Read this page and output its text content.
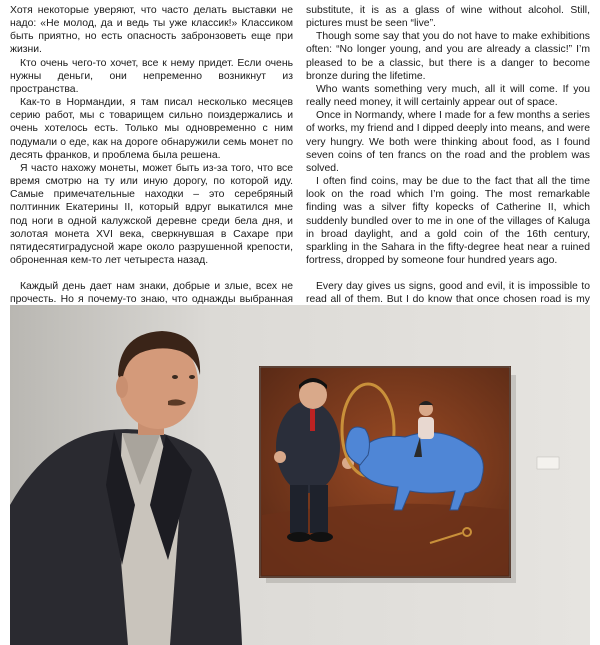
Хотя некоторые уверяют, что часто делать выставки не надо: «Не молод, да и ведь ты уже классик!» Классиком быть приятно, но есть опасность забронзоветь еще при жизни.

Кто очень чего-то хочет, все к нему придет. Если очень нужны деньги, они непременно возникнут из пространства.

Как-то в Нормандии, я там писал несколько месяцев серию работ, мы с товарищем сильно поиздержались и очень хотелось есть. Только мы одновременно с ним подумали о еде, как на дороге обнаружили семь монет по десять франков, и проблема была решена.

Я часто нахожу монеты, может быть из-за того, что все время смотрю на ту или иную дорогу, по которой иду. Самые примечательные находки – это серебряный полтинник Екатерины II, который вдруг выкатился мне под ноги в одной калужской деревне среди бела дня, и золотая монета XVI века, сверкнувшая в Сахаре при пятидесятиградусной жаре около разрушенной крепости, оброненная кем-то лет четыреста назад.

Каждый день дает нам знаки, добрые и злые, всех не прочесть. Но я почему-то знаю, что однажды выбранная

substitute, it is as a glass of wine without alcohol. Still, pictures must be seen “live”.

Though some say that you do not have to make exhibitions often: “No longer young, and you are already a classic!” I’m pleased to be a classic, but there is a danger to become bronze during the lifetime.

Who wants something very much, all it will come. If you really need money, it will certainly appear out of space.

Once in Normandy, where I made for a few months a series of works, my friend and I dipped deeply into means, and were very hungry. We both were thinking about food, as I found seven coins of ten francs on the road and the problem was solved.

I often find coins, may be due to the fact that all the time look on the road which I’m going. The most remarkable finding was a silver fifty kopecks of Catherine II, which suddenly bundled over to me in one of the villages of Kaluga in broad daylight, and a gold coin of the 16th century, sparkling in the Sahara in the fifty-degree heat near a ruined fortress, dropped by someone four hundred years ago.

Every day gives us signs, good and evil, it is impossible to read all of them. But I do know that once chosen road is my
